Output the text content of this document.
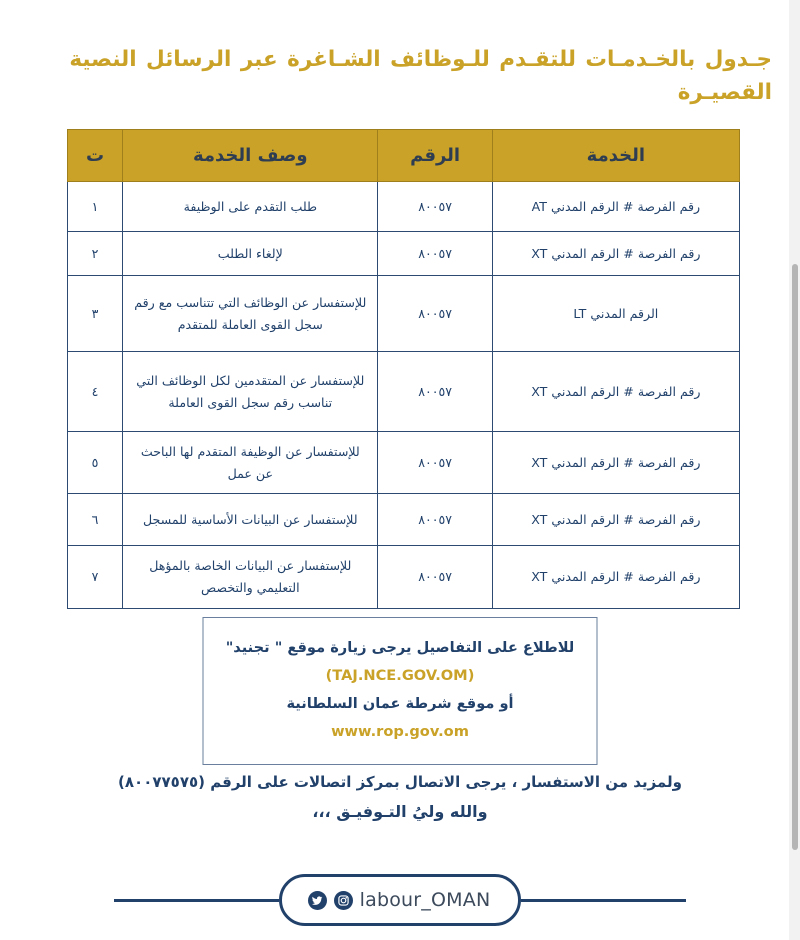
جـدول بالخـدمـات للتقـدم للـوظائف الشـاغرة عبر الرسائل النصية
القصيـرة
الخدمة	الرقم	وصف الخدمة	ت
رقم الفرصة # الرقم المدني AT	٨٠٠٥٧	طلب التقدم على الوظيفة	١
رقم الفرصة # الرقم المدني XT	٨٠٠٥٧	لإلغاء الطلب	٢
الرقم المدني LT	٨٠٠٥٧	للإستفسار عن الوظائف التي تتناسب مع رقم سجل القوى العاملة للمتقدم	٣
رقم الفرصة # الرقم المدني XT	٨٠٠٥٧	للإستفسار عن المتقدمين لكل الوظائف التي تناسب رقم سجل القوى العاملة	٤
رقم الفرصة # الرقم المدني XT	٨٠٠٥٧	للإستفسار عن الوظيفة المتقدم لها الباحث عن عمل	٥
رقم الفرصة # الرقم المدني XT	٨٠٠٥٧	للإستفسار عن البيانات الأساسية للمسجل	٦
رقم الفرصة # الرقم المدني XT	٨٠٠٥٧	للإستفسار عن البيانات الخاصة بالمؤهل التعليمي والتخصص	٧
للاطلاع على التفاصيل يرجى زيارة موقع " تجنيد"
(TAJ.NCE.GOV.OM)
أو موقع شرطة عمان السلطانية
www.rop.gov.om
ولمزيد من الاستفسار ، يرجى الاتصال بمركز اتصالات على الرقم (٨٠٠٧٧٥٧٥)
والله وليُ التـوفيـق ،،،
labour_OMAN
